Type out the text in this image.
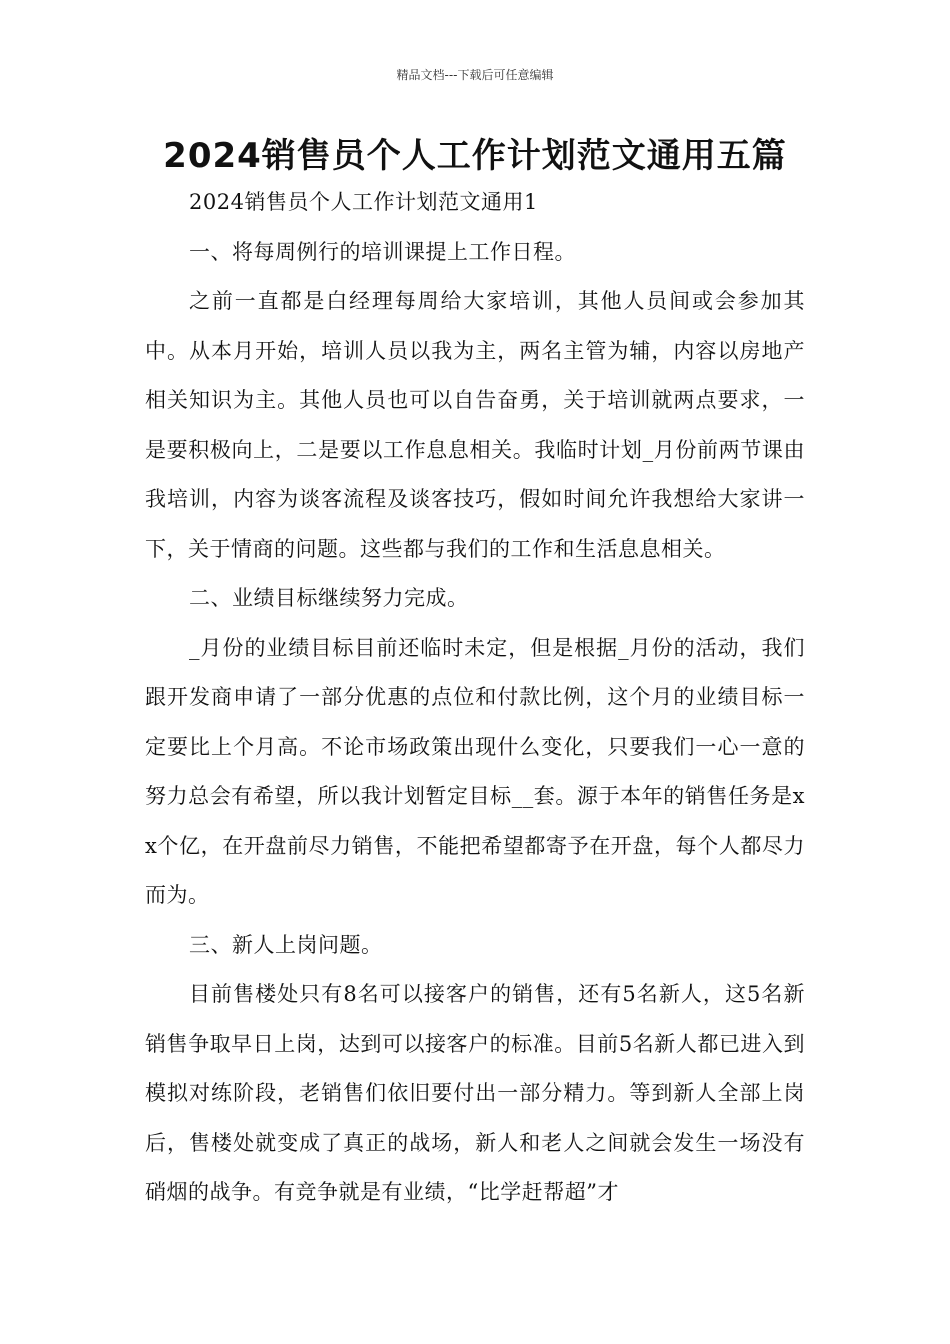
精品文档---下载后可任意编辑
2024销售员个人工作计划范文通用五篇

2024销售员个人工作计划范文通用1

一、将每周例行的培训课提上工作日程。

之前一直都是白经理每周给大家培训，其他人员间或会参加其中。从本月开始，培训人员以我为主，两名主管为辅，内容以房地产相关知识为主。其他人员也可以自告奋勇，关于培训就两点要求，一是要积极向上，二是要以工作息息相关。我临时计划_月份前两节课由我培训，内容为谈客流程及谈客技巧，假如时间允许我想给大家讲一下，关于情商的问题。这些都与我们的工作和生活息息相关。

二、业绩目标继续努力完成。

_月份的业绩目标目前还临时未定，但是根据_月份的活动，我们跟开发商申请了一部分优惠的点位和付款比例，这个月的业绩目标一定要比上个月高。不论市场政策出现什么变化，只要我们一心一意的努力总会有希望，所以我计划暂定目标__套。源于本年的销售任务是xx个亿，在开盘前尽力销售，不能把希望都寄予在开盘，每个人都尽力而为。

三、新人上岗问题。

目前售楼处只有8名可以接客户的销售，还有5名新人，这5名新销售争取早日上岗，达到可以接客户的标准。目前5名新人都已进入到模拟对练阶段，老销售们依旧要付出一部分精力。等到新人全部上岗后，售楼处就变成了真正的战场，新人和老人之间就会发生一场没有硝烟的战争。有竞争就是有业绩，“比学赶帮超”才
